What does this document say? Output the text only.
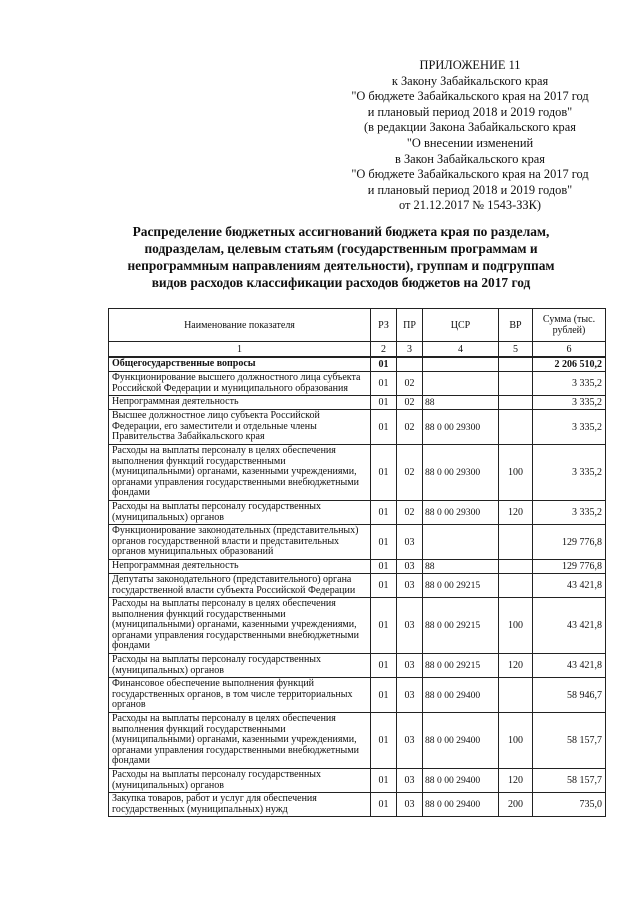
ПРИЛОЖЕНИЕ 11
к Закону Забайкальского края
"О бюджете Забайкальского края на 2017 год
и плановый период 2018 и 2019 годов"
(в редакции Закона Забайкальского края
"О внесении изменений
в Закон Забайкальского края
"О бюджете Забайкальского края на 2017 год
и плановый период 2018 и 2019 годов"
от 21.12.2017 № 1543-ЗЗК)
Распределение бюджетных ассигнований бюджета края по разделам,
подразделам, целевым статьям (государственным программам и
непрограммным направлениям деятельности), группам и подгруппам
видов расходов классификации расходов бюджетов на 2017 год
Наименование показателя	РЗ	ПР	ЦСР	ВР	Сумма (тыс. рублей)
1	2	3	4	5	6
Общегосударственные вопросы	01				2 206 510,2
Функционирование высшего должностного лица субъекта Российской Федерации и муниципального образования	01	02			3 335,2
Непрограммная деятельность	01	02	88		3 335,2
Высшее должностное лицо субъекта Российской Федерации, его заместители и отдельные члены Правительства Забайкальского края	01	02	88 0 00 29300		3 335,2
Расходы на выплаты персоналу в целях обеспечения выполнения функций государственными (муниципальными) органами, казенными учреждениями, органами управления государственными внебюджетными фондами	01	02	88 0 00 29300	100	3 335,2
Расходы на выплаты персоналу государственных (муниципальных) органов	01	02	88 0 00 29300	120	3 335,2
Функционирование законодательных (представительных) органов государственной власти и представительных органов муниципальных образований	01	03			129 776,8
Непрограммная деятельность	01	03	88		129 776,8
Депутаты законодательного (представительного) органа государственной власти субъекта Российской Федерации	01	03	88 0 00 29215		43 421,8
Расходы на выплаты персоналу в целях обеспечения выполнения функций государственными (муниципальными) органами, казенными учреждениями, органами управления государственными внебюджетными фондами	01	03	88 0 00 29215	100	43 421,8
Расходы на выплаты персоналу государственных (муниципальных) органов	01	03	88 0 00 29215	120	43 421,8
Финансовое обеспечение выполнения функций государственных органов, в том числе территориальных органов	01	03	88 0 00 29400		58 946,7
Расходы на выплаты персоналу в целях обеспечения выполнения функций государственными (муниципальными) органами, казенными учреждениями, органами управления государственными внебюджетными фондами	01	03	88 0 00 29400	100	58 157,7
Расходы на выплаты персоналу государственных (муниципальных) органов	01	03	88 0 00 29400	120	58 157,7
Закупка товаров, работ и услуг для обеспечения государственных (муниципальных) нужд	01	03	88 0 00 29400	200	735,0
